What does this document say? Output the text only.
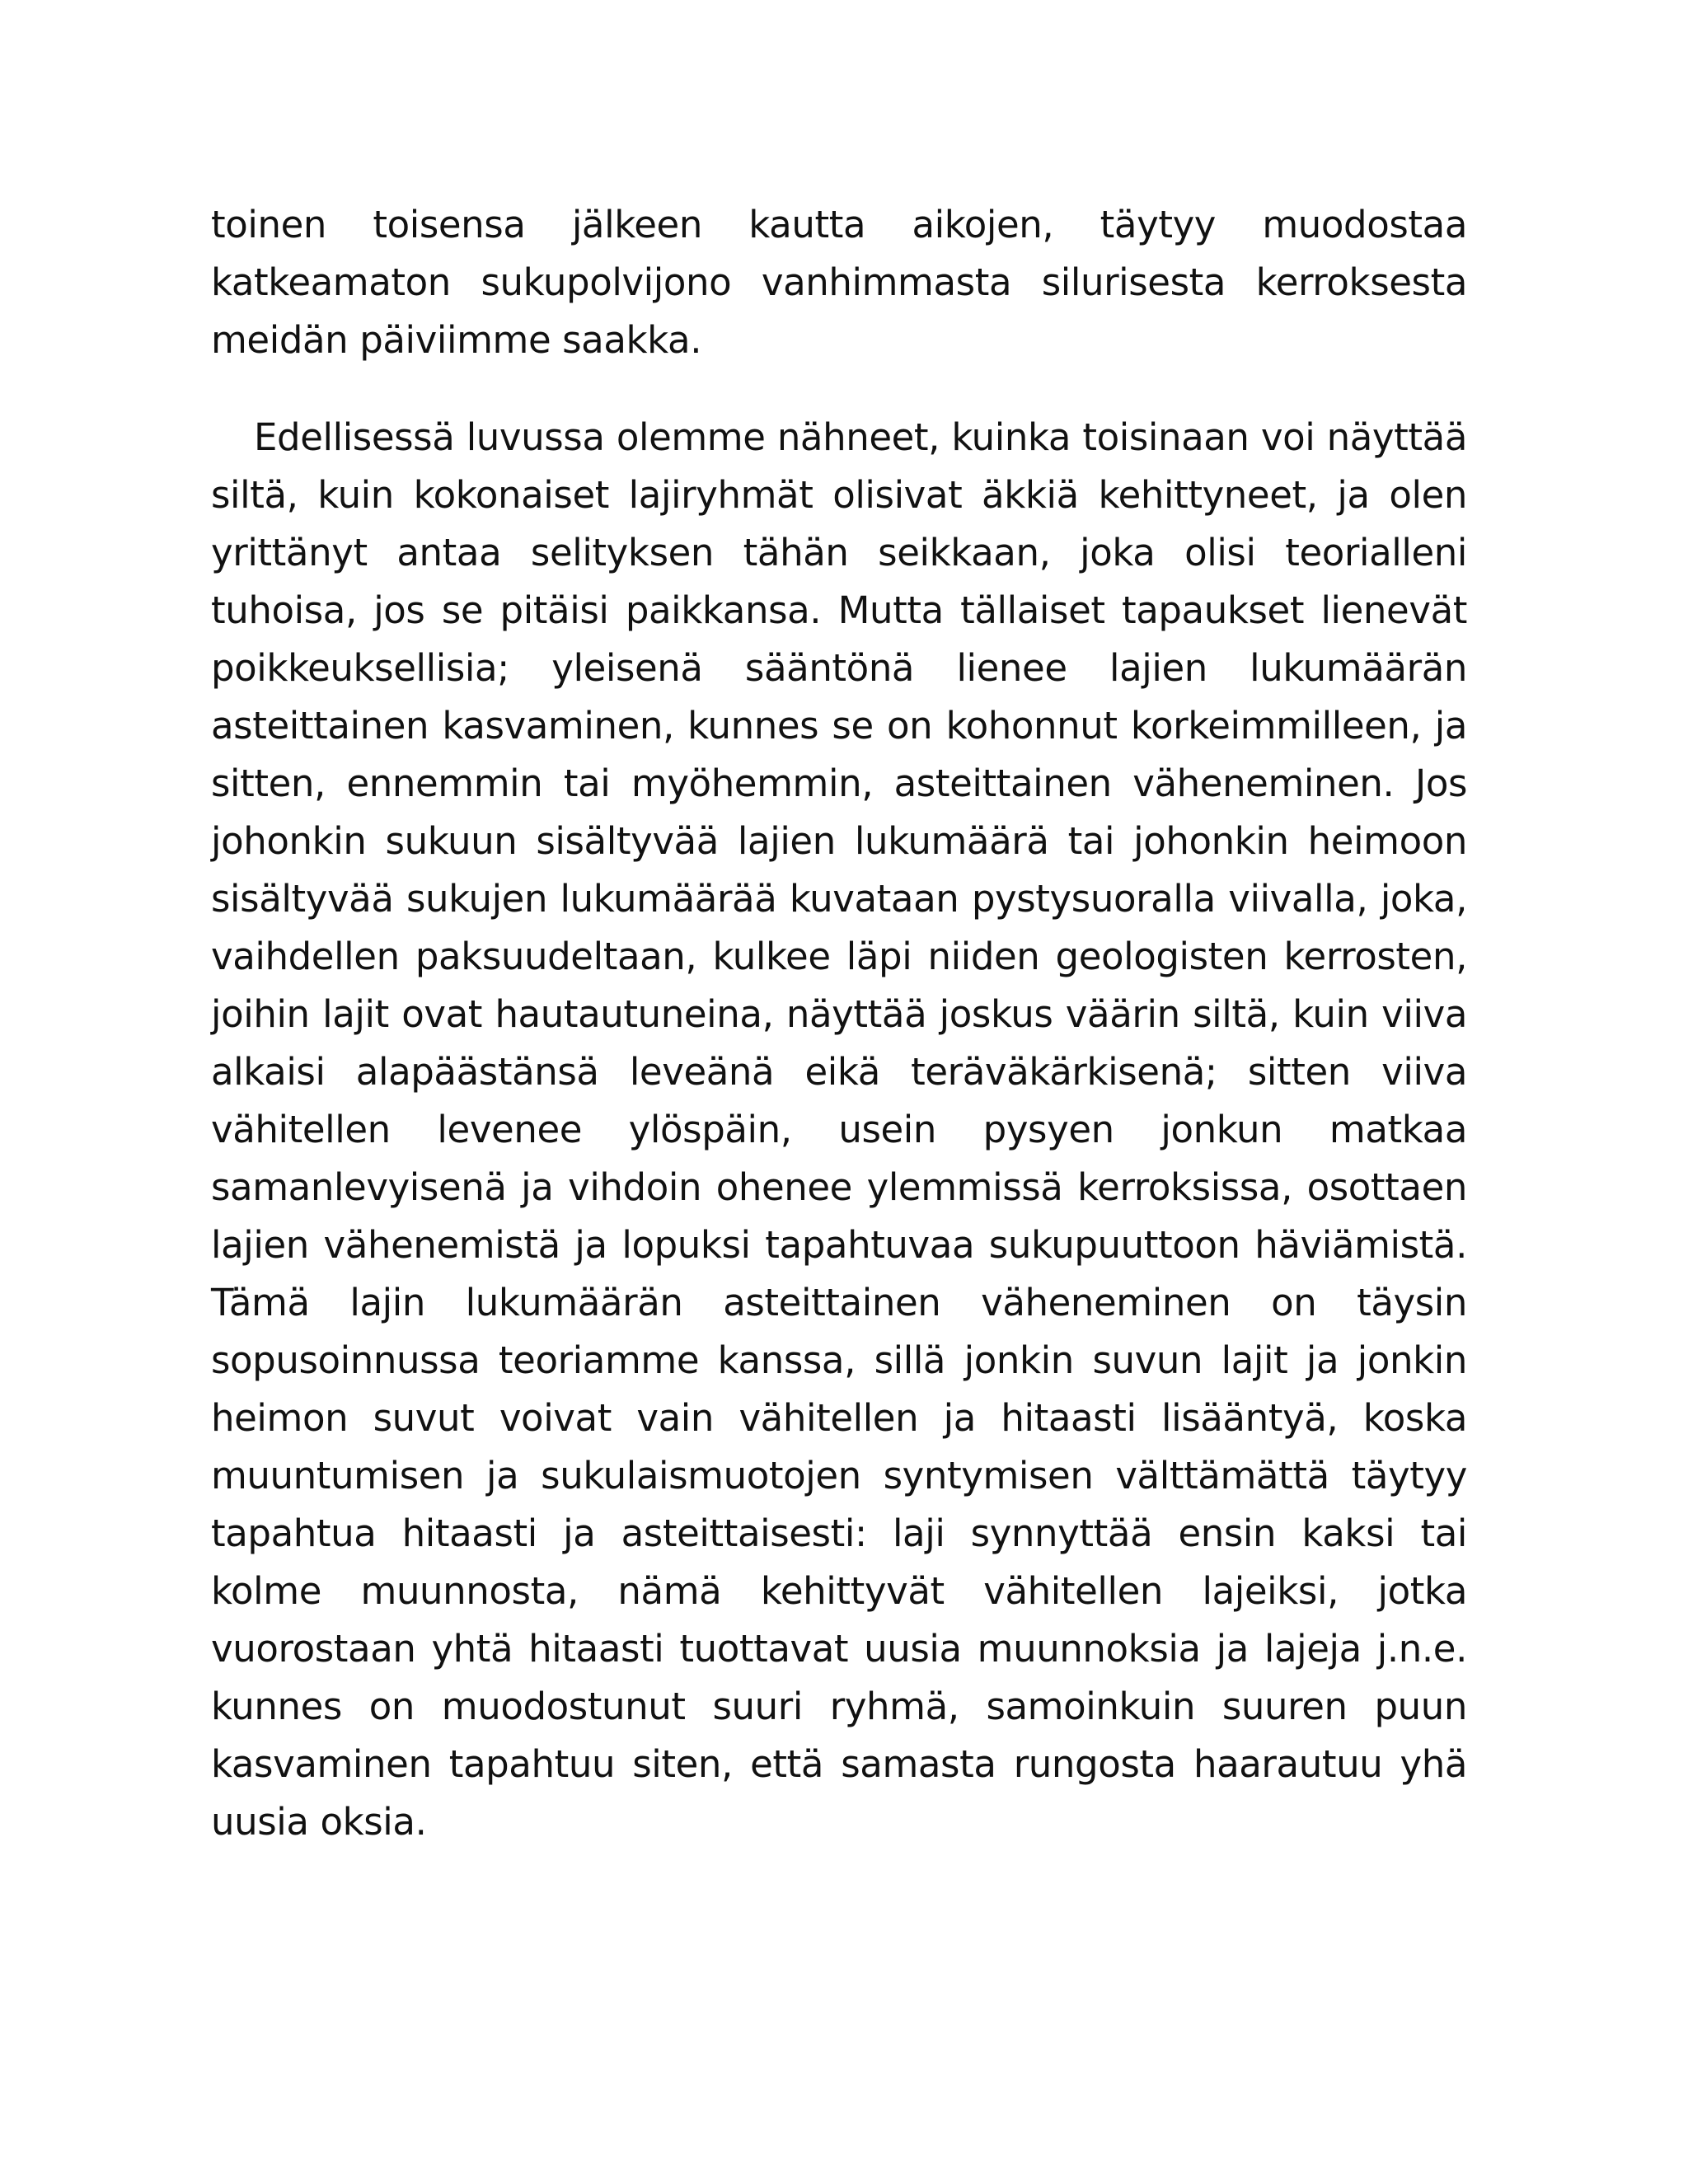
toinen toisensa jälkeen kautta aikojen, täytyy muodostaa katkeamaton sukupolvijono vanhimmasta silurisesta kerroksesta meidän päiviimme saakka.

Edellisessä luvussa olemme nähneet, kuinka toisinaan voi näyttää siltä, kuin kokonaiset lajiryhmät olisivat äkkiä kehittyneet, ja olen yrittänyt antaa selityksen tähän seikkaan, joka olisi teorialleni tuhoisa, jos se pitäisi paikkansa. Mutta tällaiset tapaukset lienevät poikkeuksellisia; yleisenä sääntönä lienee lajien lukumäärän asteittainen kasvaminen, kunnes se on kohonnut korkeimmilleen, ja sitten, ennemmin tai myöhemmin, asteittainen väheneminen. Jos johonkin sukuun sisältyvää lajien lukumäärä tai johonkin heimoon sisältyvää sukujen lukumäärää kuvataan pystysuoralla viivalla, joka, vaihdellen paksuudeltaan, kulkee läpi niiden geologisten kerrosten, joihin lajit ovat hautautuneina, näyttää joskus väärin siltä, kuin viiva alkaisi alapäästänsä leveänä eikä teräväkärkisenä; sitten viiva vähitellen levenee ylöspäin, usein pysyen jonkun matkaa samanlevyisenä ja vihdoin ohenee ylemmissä kerroksissa, osottaen lajien vähenemistä ja lopuksi tapahtuvaa sukupuuttoon häviämistä. Tämä lajin lukumäärän asteittainen väheneminen on täysin sopusoinnussa teoriamme kanssa, sillä jonkin suvun lajit ja jonkin heimon suvut voivat vain vähitellen ja hitaasti lisääntyä, koska muuntumisen ja sukulaismuotojen syntymisen välttämättä täytyy tapahtua hitaasti ja asteittaisesti: laji synnyttää ensin kaksi tai kolme muunnosta, nämä kehittyvät vähitellen lajeiksi, jotka vuorostaan yhtä hitaasti tuottavat uusia muunnoksia ja lajeja j.n.e. kunnes on muodostunut suuri ryhmä, samoinkuin suuren puun kasvaminen tapahtuu siten, että samasta rungosta haarautuu yhä uusia oksia.
